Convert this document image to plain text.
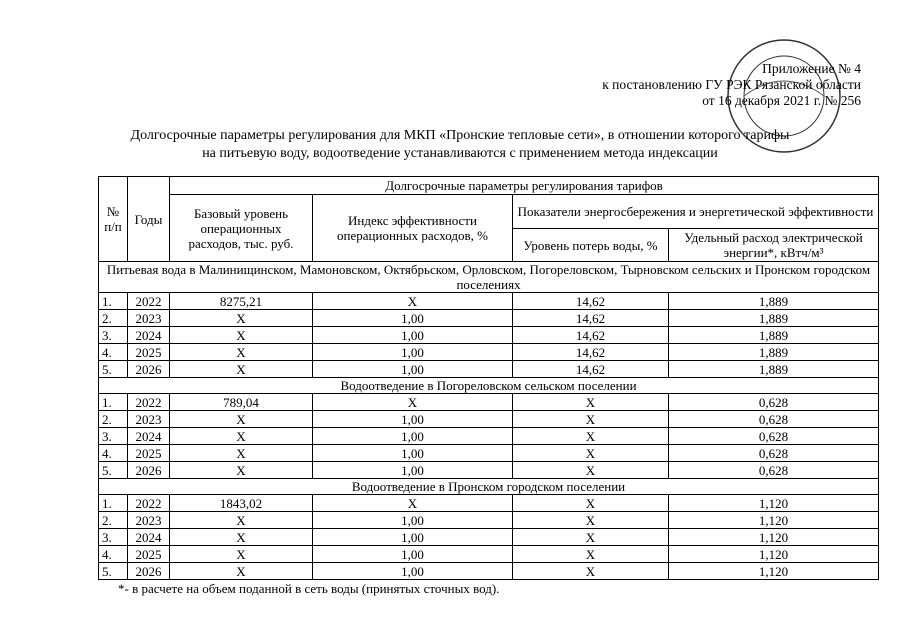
Приложение № 4
к постановлению ГУ РЭК Рязанской области
от 16 декабря 2021 г. № 256
Долгосрочные параметры регулирования для МКП «Пронские тепловые сети», в отношении которого тарифы
на питьевую воду, водоотведение устанавливаются с применением метода индексации
№ п/п	Годы	Долгосрочные параметры регулирования тарифов			
		Базовый уровень операционных расходов, тыс. руб.	Индекс эффективности операционных расходов, %	Показатели энергосбережения и энергетической эффективности	
				Уровень потерь воды, %	Удельный расход электрической энергии*, кВтч/м³
Питьевая вода в Малинищинском, Мамоновском, Октябрьском, Орловском, Погореловском, Тырновском сельских и Пронском городском поселениях					
1.	2022	8275,21	Х	14,62	1,889
2.	2023	Х	1,00	14,62	1,889
3.	2024	Х	1,00	14,62	1,889
4.	2025	Х	1,00	14,62	1,889
5.	2026	Х	1,00	14,62	1,889
Водоотведение в Погореловском сельском поселении					
1.	2022	789,04	Х	Х	0,628
2.	2023	Х	1,00	Х	0,628
3.	2024	Х	1,00	Х	0,628
4.	2025	Х	1,00	Х	0,628
5.	2026	Х	1,00	Х	0,628
Водоотведение в Пронском городском поселении					
1.	2022	1843,02	Х	Х	1,120
2.	2023	Х	1,00	Х	1,120
3.	2024	Х	1,00	Х	1,120
4.	2025	Х	1,00	Х	1,120
5.	2026	Х	1,00	Х	1,120
*- в расчете на объем поданной в сеть воды (принятых сточных вод).
